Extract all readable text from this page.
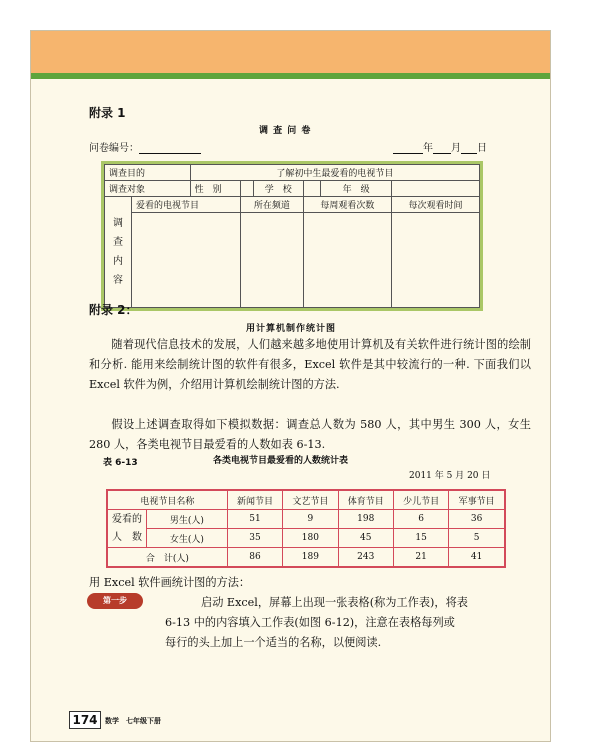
附录 1
调 查 问 卷
问卷编号：	年 月 日
调查目的		了解初中生最爱看的电视节目					
调查对象		性　别		学　校		年　级	
调
查
内
容	爱看的电视节目		所在频道		每周观看次数		每次观看时间

附录 2：
用计算机制作统计图

随着现代信息技术的发展，人们越来越多地使用计算机及有关软件进行统计图的绘制和分析. 能用来绘制统计图的软件有很多，Excel 软件是其中较流行的一种. 下面我们以 Excel 软件为例，介绍用计算机绘制统计图的方法.

假设上述调查取得如下模拟数据：调查总人数为 580 人，其中男生 300 人，女生 280 人，各类电视节目最爱看的人数如表 6-13.

表 6-13	各类电视节目最爱看的人数统计表
2011 年 5 月 20 日
电视节目名称		新闻节目	文艺节目	体育节目	少儿节目	军事节目
爱看的
人　数	男生(人)	51	9	198	6	36
	女生(人)	35	180	45	15	5
合　计(人)		86	189	243	21	41
用 Excel 软件画统计图的方法：
第一步	启动 Excel，屏幕上出现一张表格(称为工作表)，将表
6-13 中的内容填入工作表(如图 6-12)，注意在表格每列或
每行的头上加上一个适当的名称，以便阅读.
174	数学　七年级下册
